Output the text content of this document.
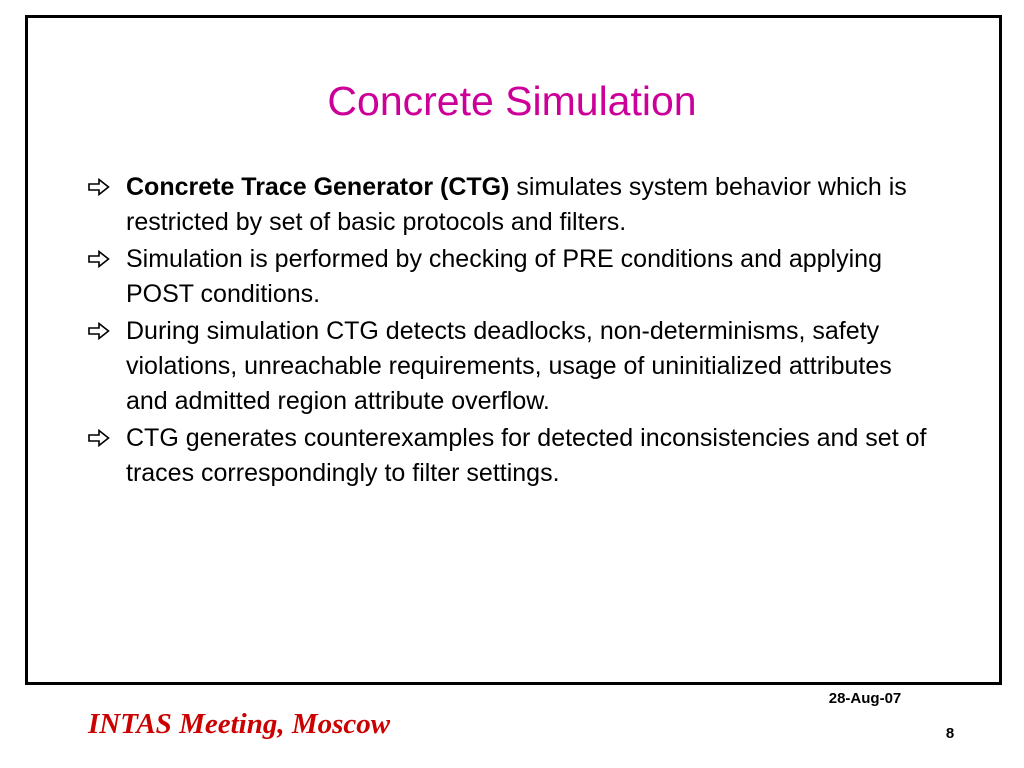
Concrete Simulation
Concrete Trace Generator (CTG) simulates system behavior which is restricted by set of basic protocols and filters.
Simulation is performed by checking of PRE conditions and applying POST conditions.
During simulation CTG detects deadlocks, non-determinisms, safety violations, unreachable requirements, usage of uninitialized attributes and admitted region attribute overflow.
CTG generates counterexamples for detected inconsistencies and set of traces correspondingly to filter settings.
28-Aug-07
INTAS Meeting, Moscow	8
